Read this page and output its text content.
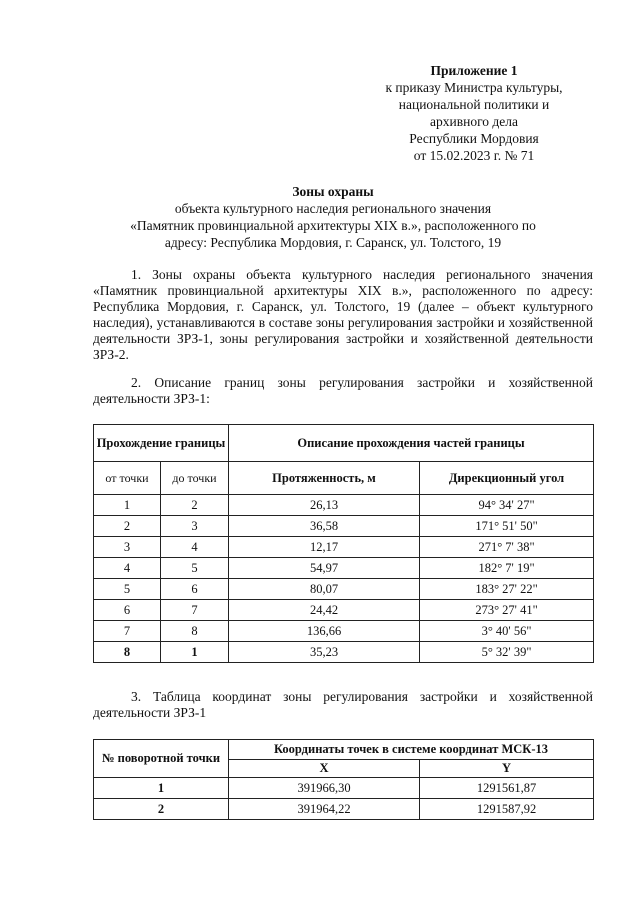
Приложение 1
к приказу Министра культуры,
национальной политики и
архивного дела
Республики Мордовия
от 15.02.2023 г. № 71
Зоны охраны
объекта культурного наследия регионального значения
«Памятник провинциальной архитектуры XIX в.», расположенного по
адресу: Республика Мордовия, г. Саранск, ул. Толстого, 19
1. Зоны охраны объекта культурного наследия регионального значения «Памятник провинциальной архитектуры XIX в.», расположенного по адресу: Республика Мордовия, г. Саранск, ул. Толстого, 19 (далее – объект культурного наследия), устанавливаются в составе зоны регулирования застройки и хозяйственной деятельности ЗРЗ-1, зоны регулирования застройки и хозяйственной деятельности ЗРЗ-2.
2. Описание границ зоны регулирования застройки и хозяйственной деятельности ЗРЗ-1:
Прохождение границы		Описание прохождения частей границы	
от точки	до точки	Протяженность, м	Дирекционный угол
1	2	26,13	94° 34' 27"
2	3	36,58	171° 51' 50"
3	4	12,17	271° 7' 38"
4	5	54,97	182° 7' 19"
5	6	80,07	183° 27' 22"
6	7	24,42	273° 27' 41"
7	8	136,66	3° 40' 56"
8	1	35,23	5° 32' 39"
3. Таблица координат зоны регулирования застройки и хозяйственной деятельности ЗРЗ-1
№ поворотной точки	Координаты точек в системе координат МСК-13	
	X	Y
1	391966,30	1291561,87
2	391964,22	1291587,92
